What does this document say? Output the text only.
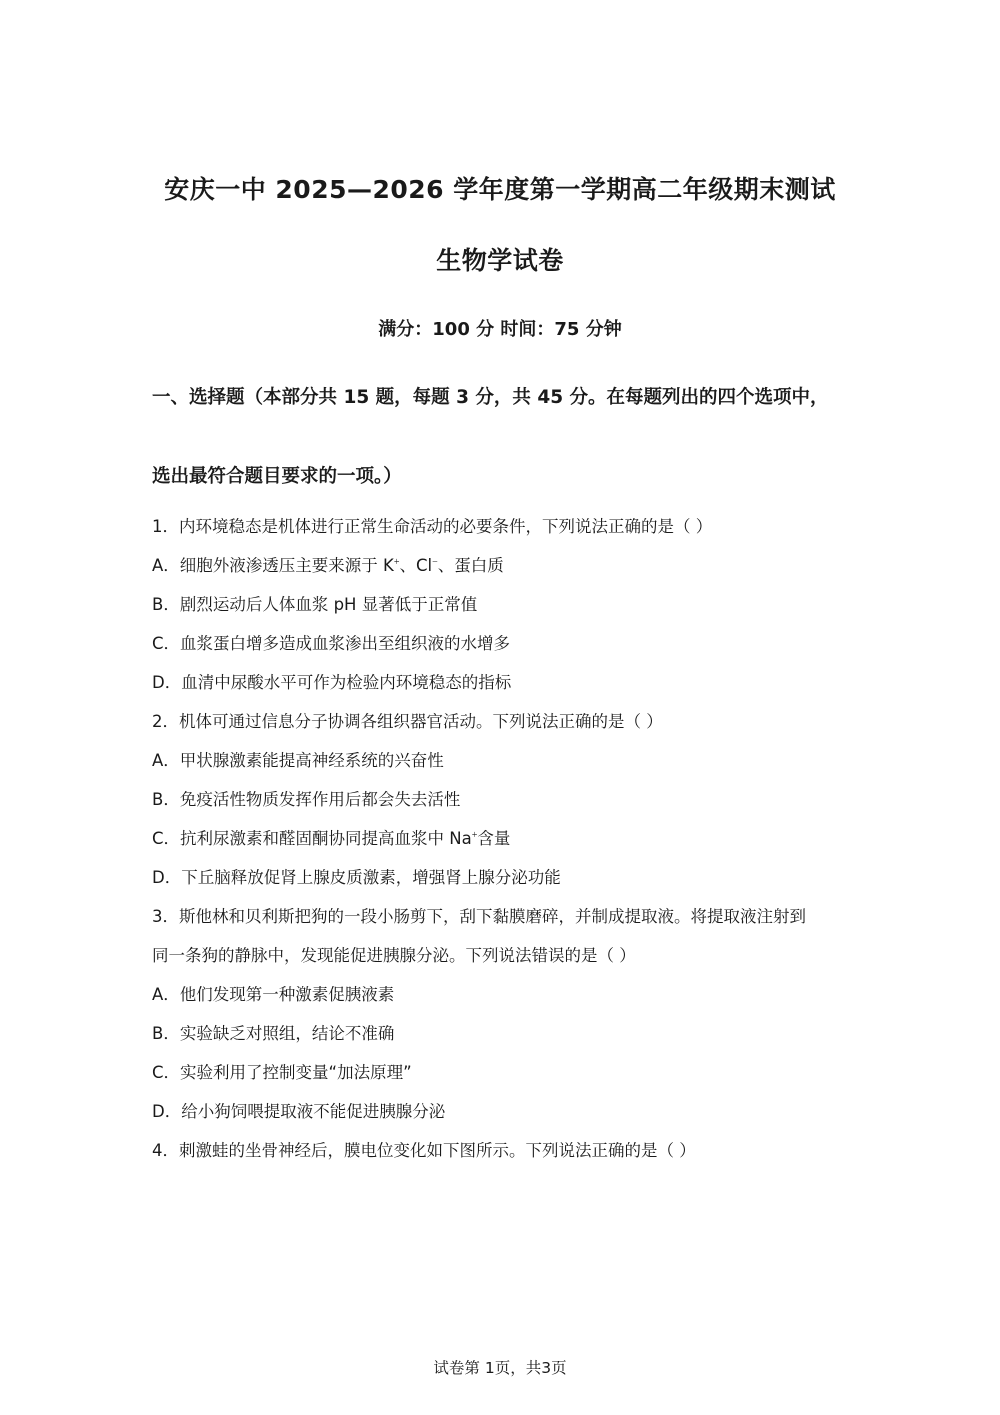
安庆一中 2025—2026 学年度第一学期高二年级期末测试
生物学试卷
满分：100 分 时间：75 分钟
一、选择题（本部分共 15 题，每题 3 分，共 45 分。在每题列出的四个选项中，
选出最符合题目要求的一项。）
1．内环境稳态是机体进行正常生命活动的必要条件，下列说法正确的是（ ）
A．细胞外液渗透压主要来源于 K+、Cl−、蛋白质
B．剧烈运动后人体血浆 pH 显著低于正常值
C．血浆蛋白增多造成血浆渗出至组织液的水增多
D．血清中尿酸水平可作为检验内环境稳态的指标
2．机体可通过信息分子协调各组织器官活动。下列说法正确的是（ ）
A．甲状腺激素能提高神经系统的兴奋性
B．免疫活性物质发挥作用后都会失去活性
C．抗利尿激素和醛固酮协同提高血浆中 Na+含量
D．下丘脑释放促肾上腺皮质激素，增强肾上腺分泌功能
3．斯他林和贝利斯把狗的一段小肠剪下，刮下黏膜磨碎，并制成提取液。将提取液注射到
同一条狗的静脉中，发现能促进胰腺分泌。下列说法错误的是（ ）
A．他们发现第一种激素促胰液素
B．实验缺乏对照组，结论不准确
C．实验利用了控制变量“加法原理”
D．给小狗饲喂提取液不能促进胰腺分泌
4．刺激蛙的坐骨神经后，膜电位变化如下图所示。下列说法正确的是（ ）
试卷第 1页，共3页
